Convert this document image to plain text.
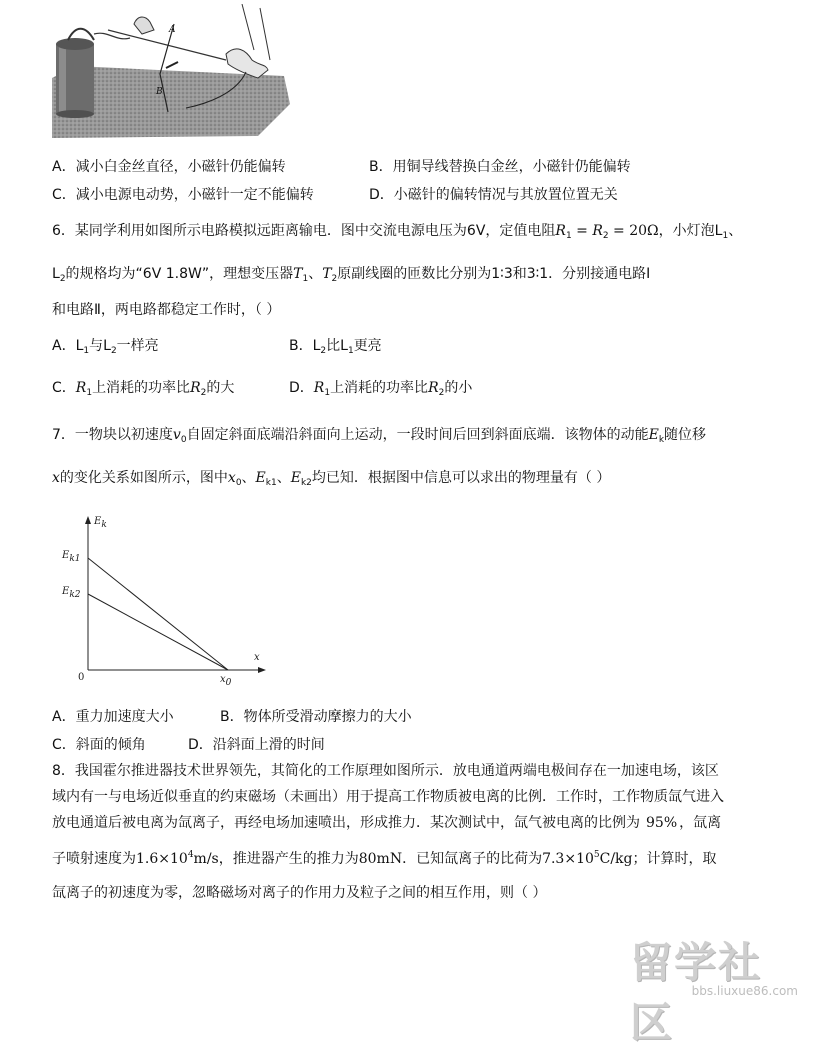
A
B
A．减小白金丝直径，小磁针仍能偏转	B．用铜导线替换白金丝，小磁针仍能偏转
C．减小电源电动势，小磁针一定不能偏转	D．小磁针的偏转情况与其放置位置无关
6．某同学利用如图所示电路模拟远距离输电．图中交流电源电压为6V，定值电阻$R_1 = R_2 = 20\Omega$，小灯泡$L_1$、
$L_2$的规格均为“6V 1.8W”，理想变压器$T_1$、$T_2$原副线圈的匝数比分别为1∶3和3∶1．分别接通电路Ⅰ
和电路Ⅱ，两电路都稳定工作时，（ ）
A．$L_1$与$L_2$一样亮	B．$L_2$比$L_1$更亮
C．$R_1$上消耗的功率比$R_2$的大	D．$R_1$上消耗的功率比$R_2$的小
7．一物块以初速度$v_0$自固定斜面底端沿斜面向上运动，一段时间后回到斜面底端．该物体的动能$E_k$随位移
x的变化关系如图所示，图中$x_0$、$E_{k1}$、$E_{k2}$均已知．根据图中信息可以求出的物理量有（ ）
$E_k$
x
$E_{k1}$
$E_{k2}$
0	$x_0$
A．重力加速度大小	B．物体所受滑动摩擦力的大小
C．斜面的倾角	D．沿斜面上滑的时间
8．我国霍尔推进器技术世界领先，其简化的工作原理如图所示．放电通道两端电极间存在一加速电场，该区
域内有一与电场近似垂直的约束磁场（未画出）用于提高工作物质被电离的比例．工作时，工作物质氙气进入
放电通道后被电离为氙离子，再经电场加速喷出，形成推力．某次测试中，氙气被电离的比例为 95% ，氙离
子喷射速度为$1.6\times 10^4m/s$，推进器产生的推力为80mN．已知氙离子的比荷为$7.3\times 10^5C/kg$；计算时，取
氙离子的初速度为零，忽略磁场对离子的作用力及粒子之间的相互作用，则（ ）
留学社区
bbs.liuxue86.com
